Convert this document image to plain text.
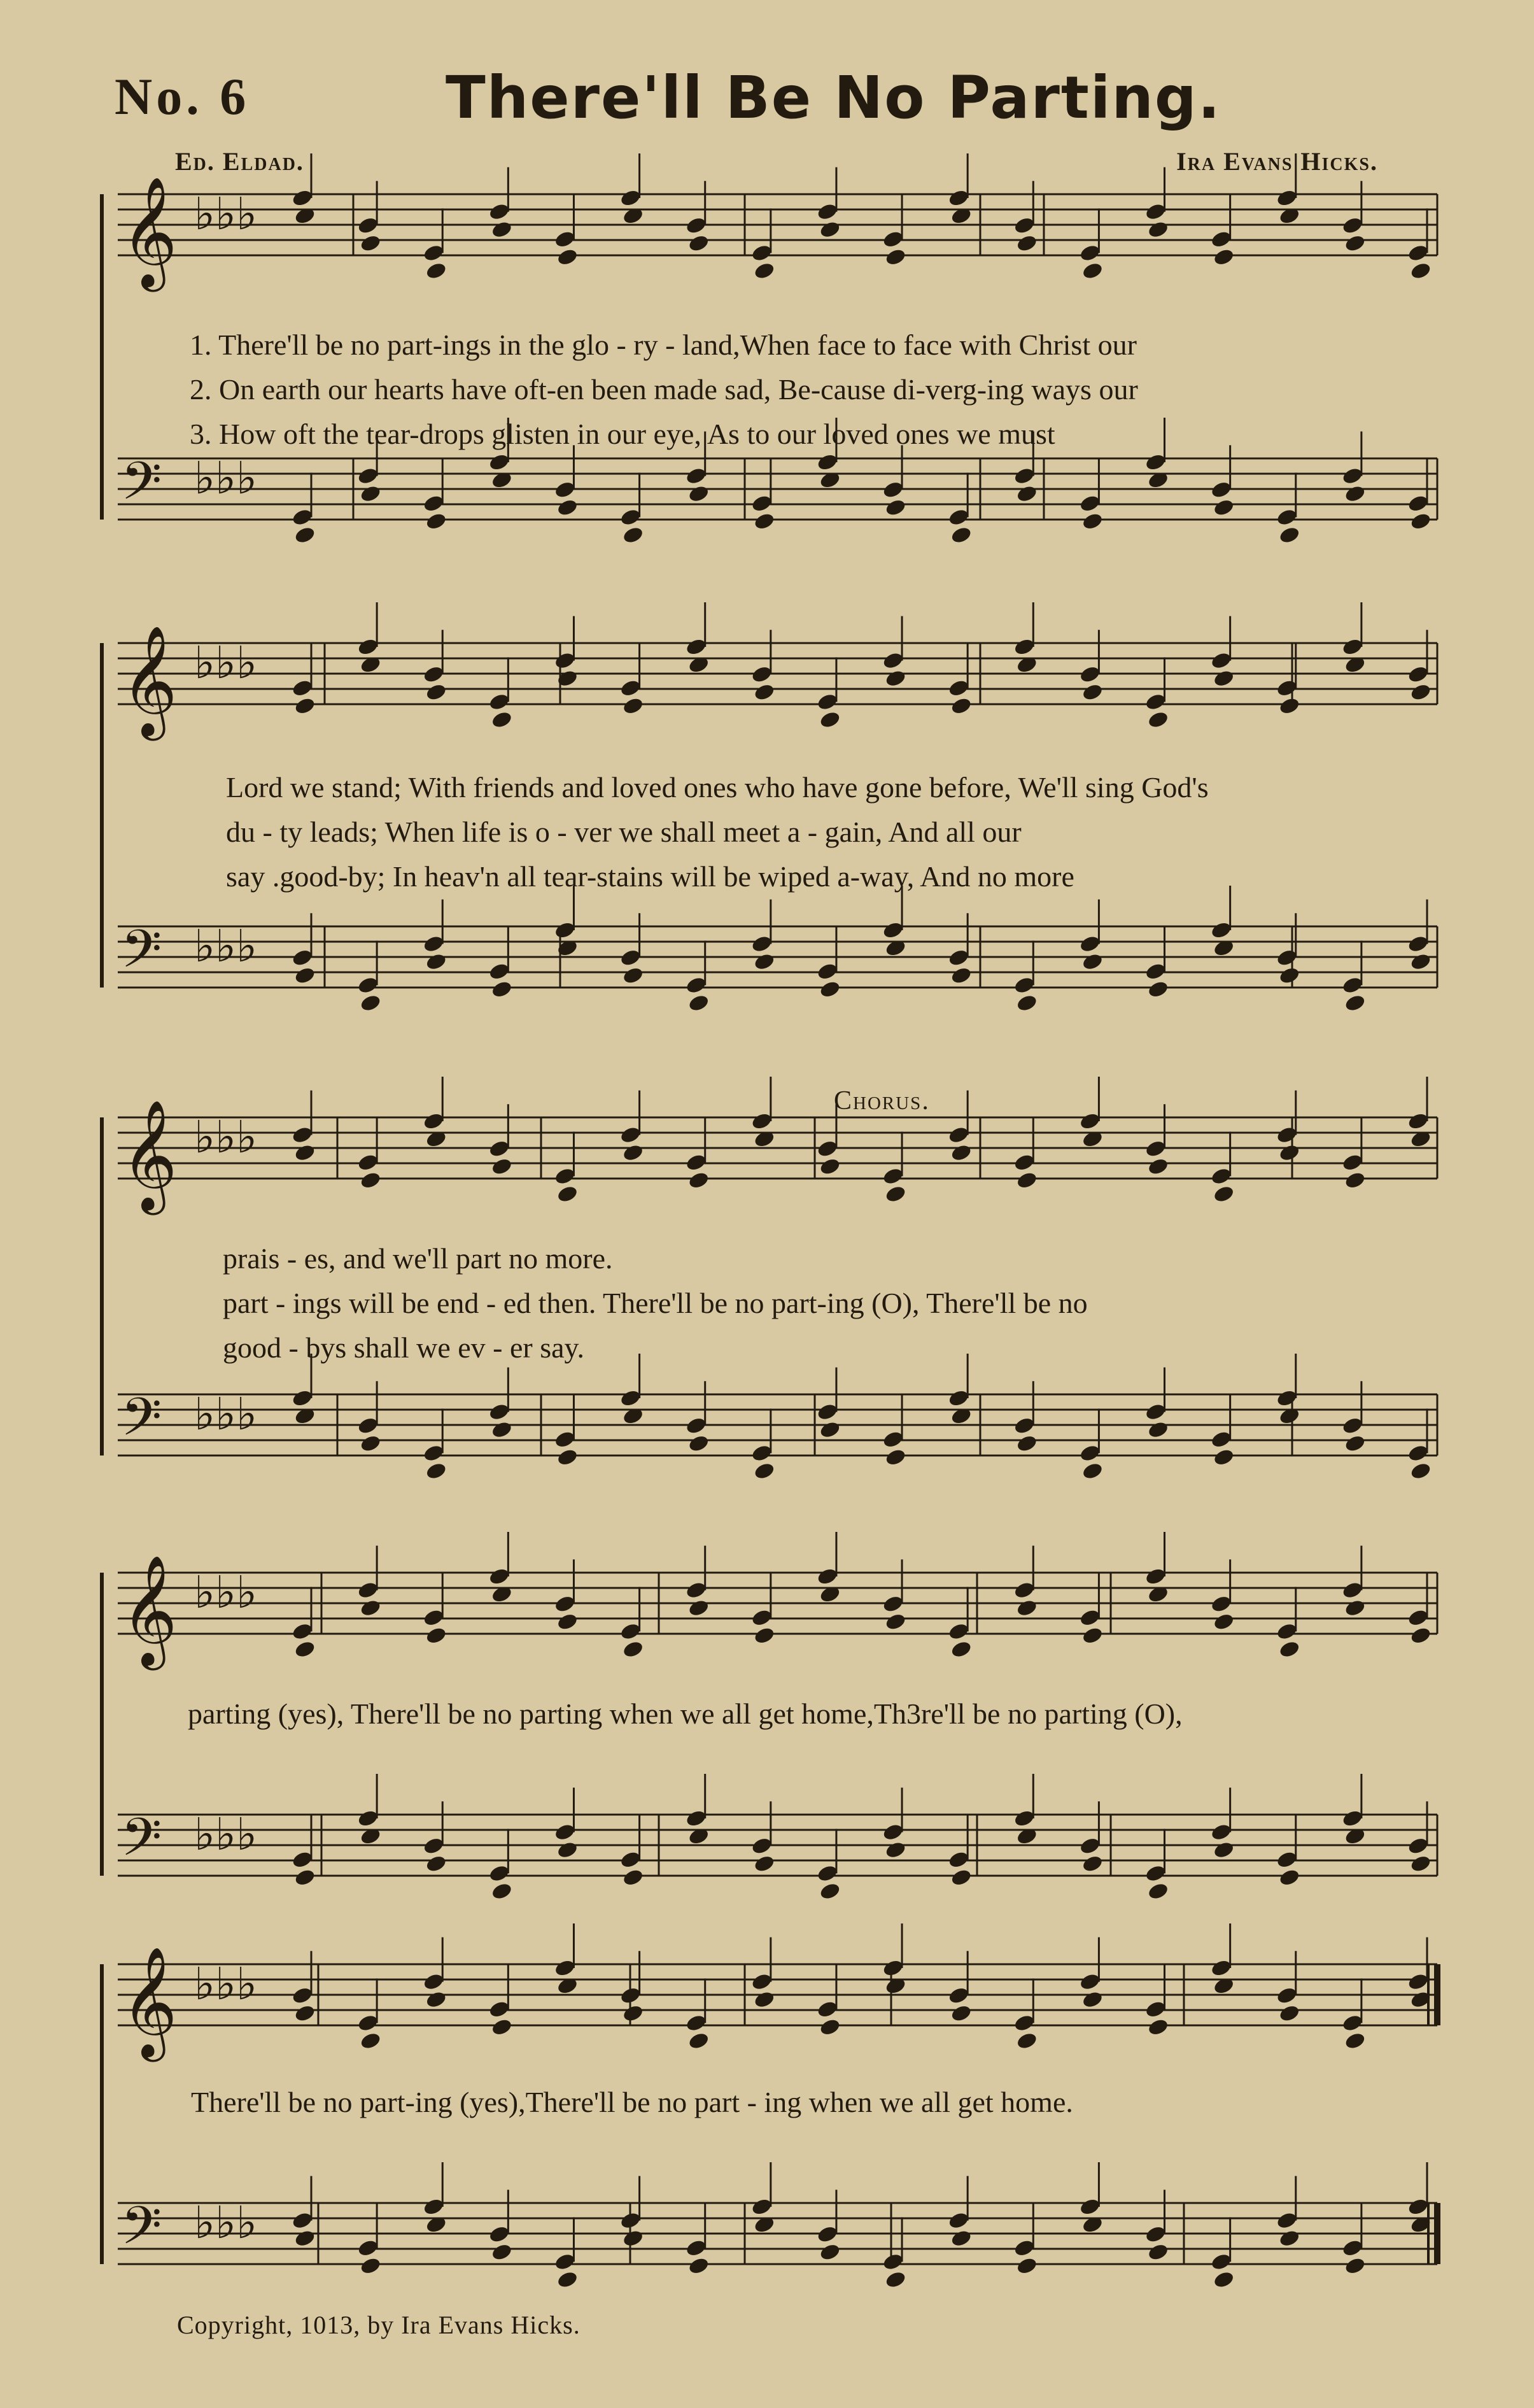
𝄞 ♭♭♭
𝄢 ♭♭♭
𝄞 ♭♭♭
𝄢 ♭♭♭
𝄞 ♭♭♭
𝄢 ♭♭♭
𝄞 ♭♭♭
𝄢 ♭♭♭
𝄞 ♭♭♭
𝄢 ♭♭♭
No. 6	There'll Be No Parting.
Ed. Eldad.	Ira Evans Hicks.
1. There'll be no part-ings in the glo - ry - land,When face to face with Christ our
2. On earth our hearts have oft-en been made sad, Be-cause di-verg-ing ways our
3. How oft the tear-drops glisten in our eye, As to our loved ones we must
Lord we stand; With friends and loved ones who have gone before, We'll sing God's
du - ty leads; When life is o - ver we shall meet a - gain, And all our
say .good-by; In heav'n all tear-stains will be wiped a-way, And no more
Chorus.
prais - es, and we'll part no more.
part - ings will be end - ed then. There'll be no part-ing (O), There'll be no
good - bys shall we ev - er say.
parting (yes), There'll be no parting when we all get home,Th3re'll be no parting (O),
There'll be no part-ing (yes),There'll be no part - ing when we all get home.
Copyright, 1013, by Ira Evans Hicks.
